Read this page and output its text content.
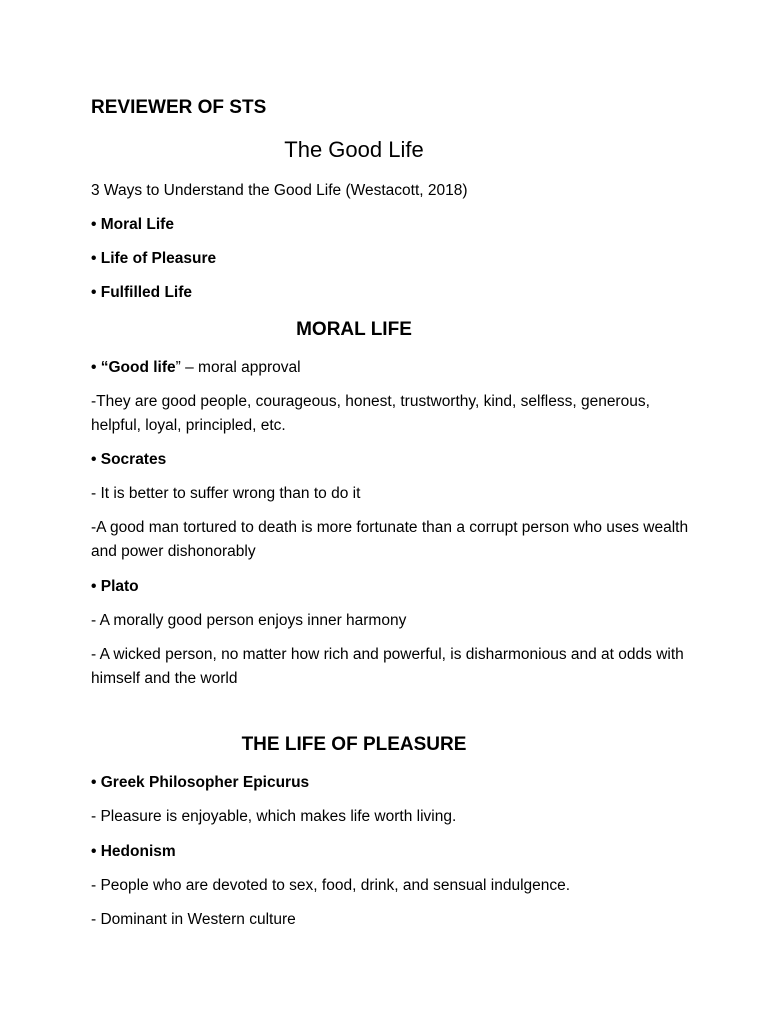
REVIEWER OF STS

The Good Life

3 Ways to Understand the Good Life (Westacott, 2018)

• Moral Life

• Life of Pleasure

• Fulfilled Life

MORAL LIFE

• “Good life” – moral approval

-They are good people, courageous, honest, trustworthy, kind, selfless, generous, helpful, loyal, principled, etc.

• Socrates

- It is better to suffer wrong than to do it

-A good man tortured to death is more fortunate than a corrupt person who uses wealth and power dishonorably

• Plato

- A morally good person enjoys inner harmony

- A wicked person, no matter how rich and powerful, is disharmonious and at odds with himself and the world

THE LIFE OF PLEASURE

• Greek Philosopher Epicurus

- Pleasure is enjoyable, which makes life worth living.

• Hedonism

- People who are devoted to sex, food, drink, and sensual indulgence.

- Dominant in Western culture
